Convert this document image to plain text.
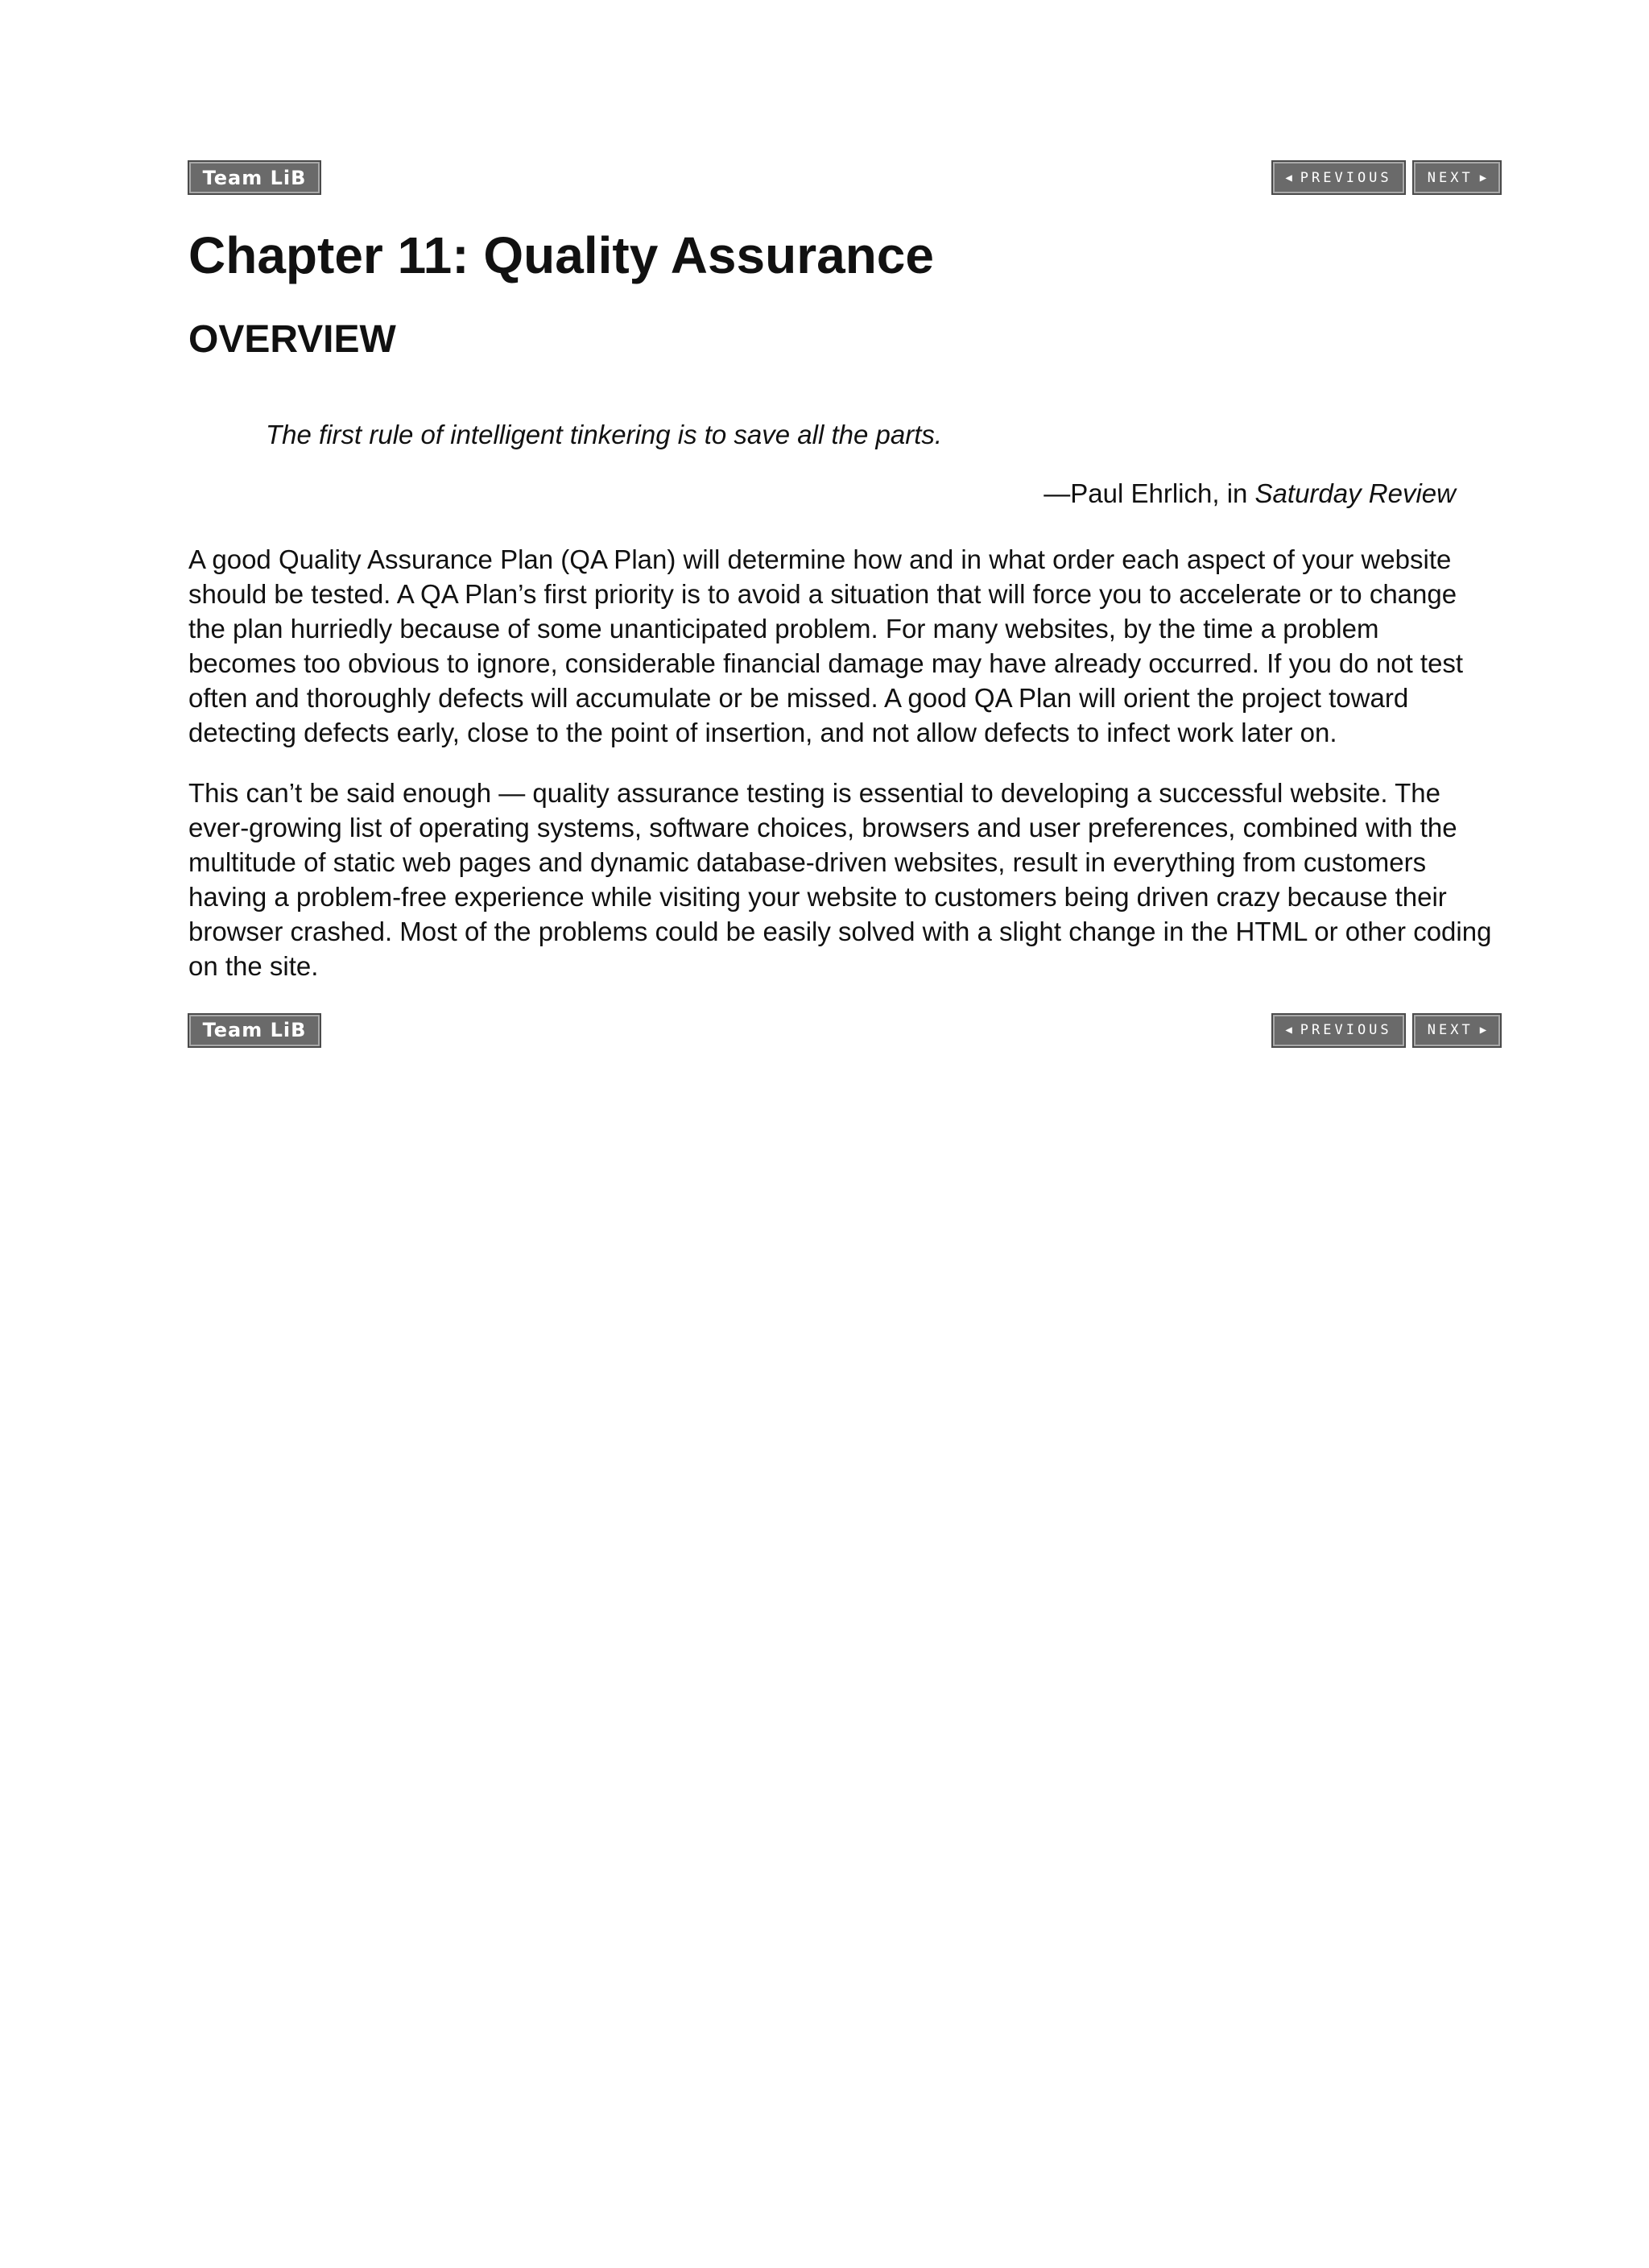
Team LiB	◀ PREVIOUS	NEXT ▶
Chapter 11: Quality Assurance
OVERVIEW
The first rule of intelligent tinkering is to save all the parts.
—Paul Ehrlich, in Saturday Review

A good Quality Assurance Plan (QA Plan) will determine how and in what order each aspect of your website should be tested. A QA Plan’s first priority is to avoid a situation that will force you to accelerate or to change the plan hurriedly because of some unanticipated problem. For many websites, by the time a problem becomes too obvious to ignore, considerable financial damage may have already occurred. If you do not test often and thoroughly defects will accumulate or be missed. A good QA Plan will orient the project toward detecting defects early, close to the point of insertion, and not allow defects to infect work later on.

This can’t be said enough — quality assurance testing is essential to developing a successful website. The ever-growing list of operating systems, software choices, browsers and user preferences, combined with the multitude of static web pages and dynamic database-driven websites, result in everything from customers having a problem-free experience while visiting your website to customers being driven crazy because their browser crashed. Most of the problems could be easily solved with a slight change in the HTML or other coding on the site.

Team LiB	◀ PREVIOUS	NEXT ▶
